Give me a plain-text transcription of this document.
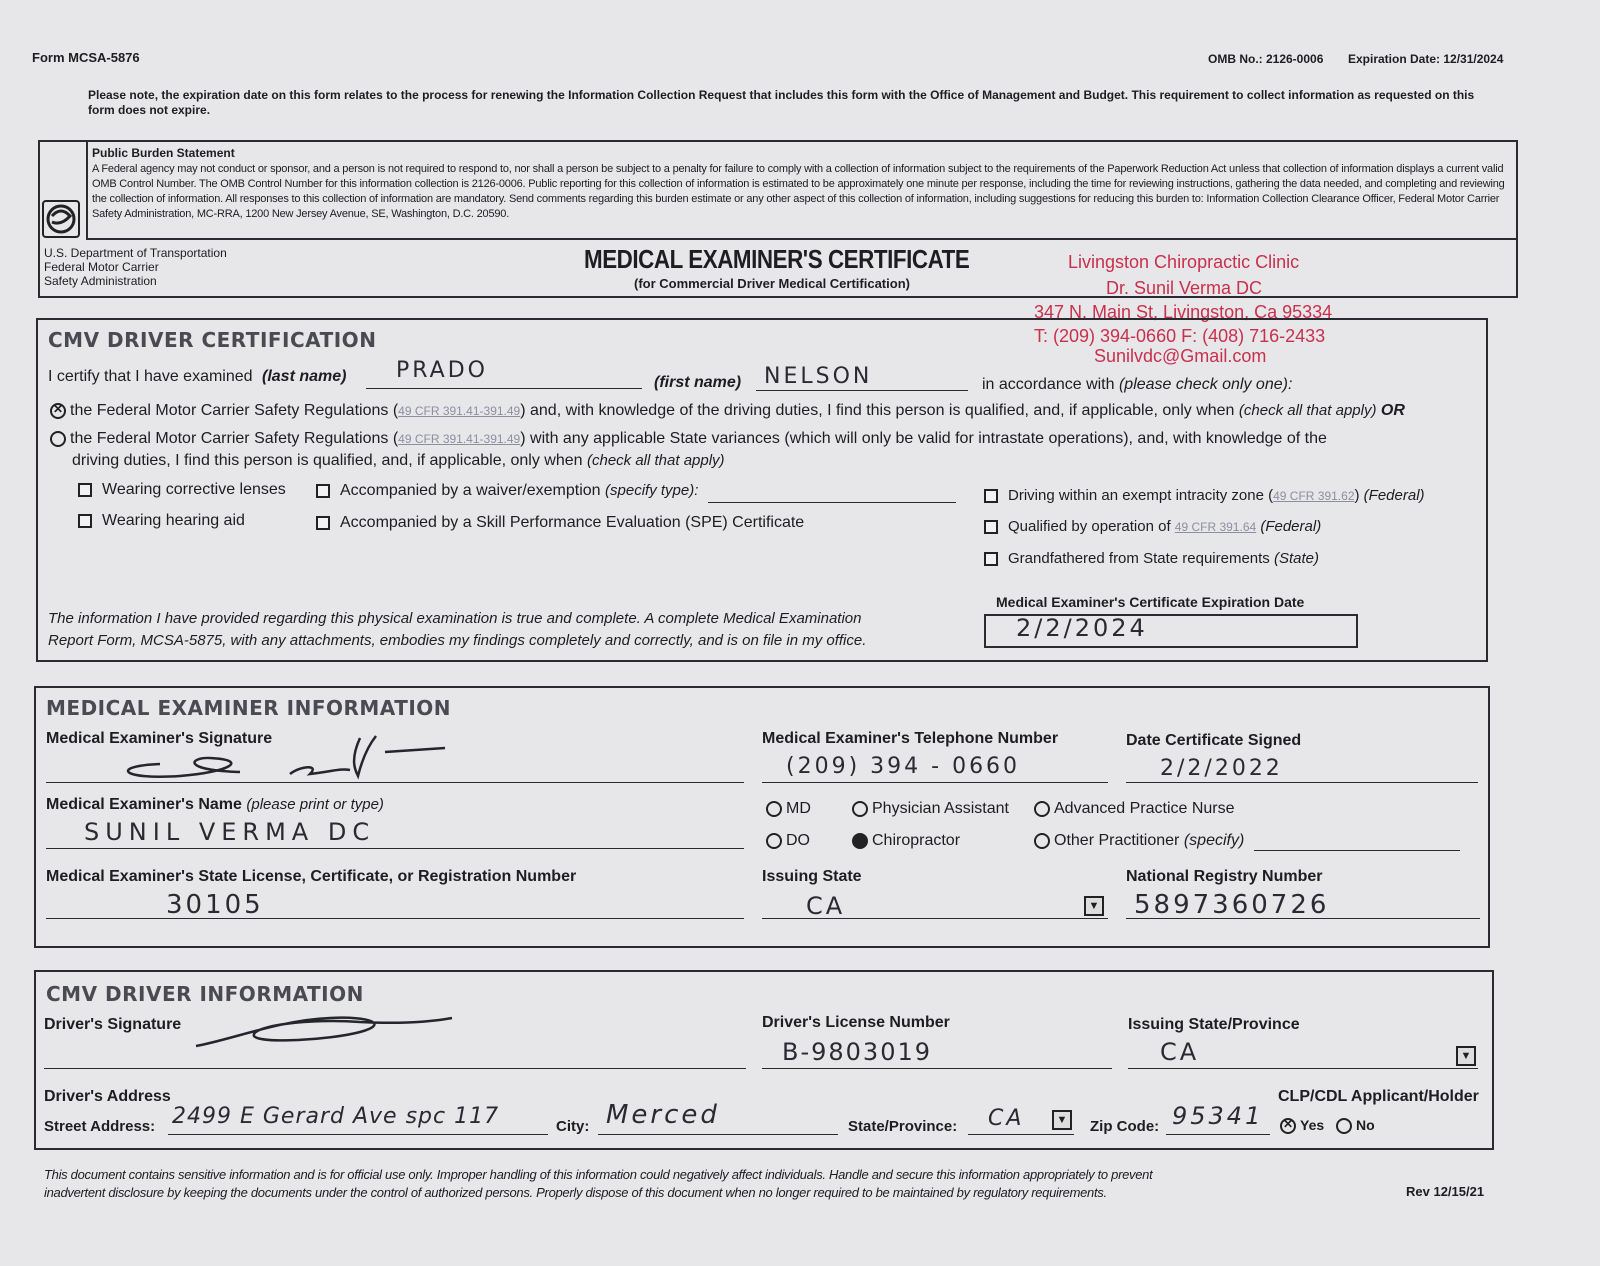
Form MCSA-5876	OMB No.: 2126-0006 Expiration Date: 12/31/2024
Please note, the expiration date on this form relates to the process for renewing the Information Collection Request that includes this form with the Office of Management and Budget. This requirement to collect information as requested on this form does not expire.
Public Burden Statement
A Federal agency may not conduct or sponsor, and a person is not required to respond to, nor shall a person be subject to a penalty for failure to comply with a collection of information subject to the requirements of the Paperwork Reduction Act unless that collection of information displays a current valid OMB Control Number. The OMB Control Number for this information collection is 2126-0006. Public reporting for this collection of information is estimated to be approximately one minute per response, including the time for reviewing instructions, gathering the data needed, and completing and reviewing the collection of information. All responses to this collection of information are mandatory. Send comments regarding this burden estimate or any other aspect of this collection of information, including suggestions for reducing this burden to: Information Collection Clearance Officer, Federal Motor Carrier Safety Administration, MC-RRA, 1200 New Jersey Avenue, SE, Washington, D.C. 20590.
U.S. Department of Transportation
Federal Motor Carrier
Safety Administration
MEDICAL EXAMINER'S CERTIFICATE
(for Commercial Driver Medical Certification)
Livingston Chiropractic Clinic
Dr. Sunil Verma DC
347 N. Main St, Livingston, Ca 95334
T: (209) 394-0660 F: (408) 716-2433
Sunilvdc@Gmail.com
CMV DRIVER CERTIFICATION
I certify that I have examined (last name) PRADO	(first name) NELSON	in accordance with (please check only one):
✕the Federal Motor Carrier Safety Regulations (49 CFR 391.41-391.49) and, with knowledge of the driving duties, I find this person is qualified, and, if applicable, only when (check all that apply) OR
the Federal Motor Carrier Safety Regulations (49 CFR 391.41-391.49) with any applicable State variances (which will only be valid for intrastate operations), and, with knowledge of the
driving duties, I find this person is qualified, and, if applicable, only when (check all that apply)
Wearing corrective lenses
Wearing hearing aid
Accompanied by a waiver/exemption (specify type):
Accompanied by a Skill Performance Evaluation (SPE) Certificate
Driving within an exempt intracity zone (49 CFR 391.62) (Federal)
Qualified by operation of 49 CFR 391.64 (Federal)
Grandfathered from State requirements (State)
The information I have provided regarding this physical examination is true and complete. A complete Medical Examination
Report Form, MCSA-5875, with any attachments, embodies my findings completely and correctly, and is on file in my office.
Medical Examiner's Certificate Expiration Date
2/2/2024
MEDICAL EXAMINER INFORMATION
Medical Examiner's Signature	Medical Examiner's Telephone Number
(209) 394 - 0660
Date Certificate Signed
2/2/2022
Medical Examiner's Name (please print or type)
SUNIL VERMA DC
MD	Physician Assistant	Advanced Practice Nurse
DO	Chiropractor	Other Practitioner (specify)
Medical Examiner's State License, Certificate, or Registration Number
30105
Issuing State
CA	▼
National Registry Number
5897360726
CMV DRIVER INFORMATION
Driver's Signature	Driver's License Number
B-9803019
Issuing State/Province
CA	▼
Driver's Address	CLP/CDL Applicant/Holder
Street Address: 2499 E Gerard Ave spc 117	City: Merced	State/Province: CA	▼	Zip Code: 95341
✕	Yes	No
This document contains sensitive information and is for official use only. Improper handling of this information could negatively affect individuals. Handle and secure this information appropriately to prevent
inadvertent disclosure by keeping the documents under the control of authorized persons. Properly dispose of this document when no longer required to be maintained by regulatory requirements.	Rev 12/15/21
